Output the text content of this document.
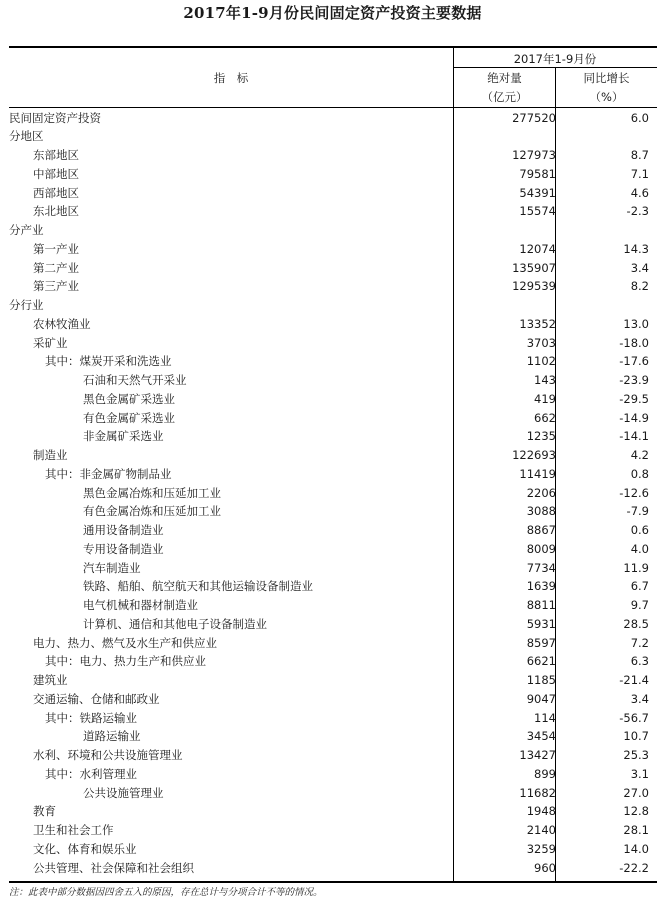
2017年1-9月份民间固定资产投资主要数据
指　标
2017年1-9月份
绝对量
（亿元）
同比增长
（%）
民间固定资产投资	277520	6.0
分地区
东部地区	127973	8.7
中部地区	79581	7.1
西部地区	54391	4.6
东北地区	15574	-2.3
分产业
第一产业	12074	14.3
第二产业	135907	3.4
第三产业	129539	8.2
分行业
农林牧渔业	13352	13.0
采矿业	3703	-18.0
其中：煤炭开采和洗选业	1102	-17.6
石油和天然气开采业	143	-23.9
黑色金属矿采选业	419	-29.5
有色金属矿采选业	662	-14.9
非金属矿采选业	1235	-14.1
制造业	122693	4.2
其中：非金属矿物制品业	11419	0.8
黑色金属冶炼和压延加工业	2206	-12.6
有色金属冶炼和压延加工业	3088	-7.9
通用设备制造业	8867	0.6
专用设备制造业	8009	4.0
汽车制造业	7734	11.9
铁路、船舶、航空航天和其他运输设备制造业	1639	6.7
电气机械和器材制造业	8811	9.7
计算机、通信和其他电子设备制造业	5931	28.5
电力、热力、燃气及水生产和供应业	8597	7.2
其中：电力、热力生产和供应业	6621	6.3
建筑业	1185	-21.4
交通运输、仓储和邮政业	9047	3.4
其中：铁路运输业	114	-56.7
道路运输业	3454	10.7
水利、环境和公共设施管理业	13427	25.3
其中：水利管理业	899	3.1
公共设施管理业	11682	27.0
教育	1948	12.8
卫生和社会工作	2140	28.1
文化、体育和娱乐业	3259	14.0
公共管理、社会保障和社会组织	960	-22.2
注：此表中部分数据因四舍五入的原因，存在总计与分项合计不等的情况。
